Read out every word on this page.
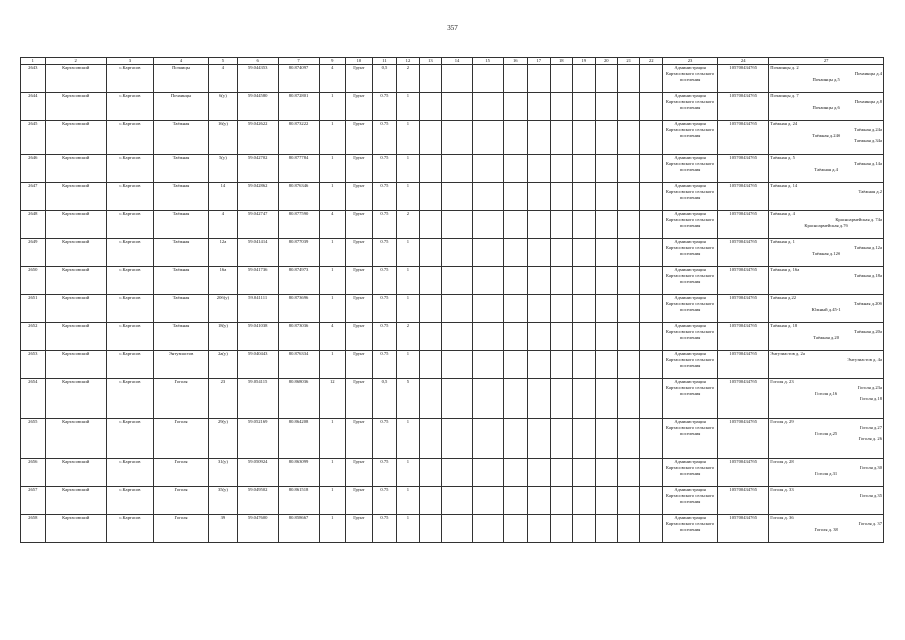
357
1	2	3	4	5	6	7	9	10	11	12	13	14	15	16	17	18	19	20	21	22	23	24	27
2643	Картасовский	с.Картасов	Почаицы	4	59.044353	80.874097	4	Грунт	0,5	2											Администрация Картасовского сельского поселения	1057004347б5	Почаинцы д. 2
Почаинцы д.4
Почаинцы д.5

2644	Картасовский	с.Картасов	Почаинцы	6(у)	59.044580	80.872801	1	Грунт	0.75	1											Администрация Картасовского сельского поселения	1057004347б5	Почаинцы д. 7
Почаинцы д.8
Почаинцы д.6

2645	Картасовский	с.Картасов	Таёжная	16(у)	59.042622	80.873222	1	Грунт	0.75	1											Администрация Картасовского сельского поселения	1057004347б5	Таёжная д. 24
Таёжная д.24а
Таёжная д.24б
Таежная д.34а

2646	Картасовский	с.Картасов	Таёжная	5(у)	59.042702	80.877784	1	Грунт	0.75	1											Администрация Картасовского сельского поселения	1057004347б5	Таёжная д. 5
Таёжная д.14а
Таёжная д.4

2647	Картасовский	с.Картасов	Таёжная	14	59.042862	80.876346	1	Грунт	0.75	1											Администрация Картасовского сельского поселения	1057004347б5	Таёжная д. 14
Таёжная д.2

2648	Картасовский	с.Картасов	Таёжная	4	59.042747	80.877590	4	Грунт	0.75	2											Администрация Картасовского сельского поселения	1057004347б5	Таёжная д. 4
Красноармейская д. 74а
Красноармейская д.7б

2649	Картасовский	с.Картасов	Таёжная	12а	59.041414	80.877039	1	Грунт	0.75	1											Администрация Картасовского сельского поселения	1057004347б5	Таёжная д. 1
Таёжная д.12а
Таёжная д.12б

2650	Картасовский	с.Картасов	Таёжная	16а	59.041736	80.874973	1	Грунт	0.75	1											Администрация Картасовского сельского поселения	1057004347б5	Таёжная д. 16а
Таёжная д.18а

2651	Картасовский	с.Картасов	Таёжная	20б(у)	59.041111	80.873696	1	Грунт	0.75	1											Администрация Картасовского сельского поселения	1057004347б5	Таёжная д.22
Таёжная д.20б
Южный д.45-1

2652	Картасовский	с.Картасов	Таёжная	18(у)	59.041038	80.873036	4	Грунт	0.75	2											Администрация Картасовского сельского поселения	1057004347б5	Таёжная д. 18
Таёжная д.20а
Таёжная д.20

2653	Картасовский	с.Картасов	Энтузиастов	2а(у)	59.040443	80.876334	1	Грунт	0.75	1											Администрация Картасовского сельского поселения	1057004347б5	Энтузиастов д. 2а
Энтузиастов д. 4а

2654	Картасовский	с.Картасов	Гоголя	23	59.054115	80.868036	12	Грунт	0,5	5											Администрация Картасовского сельского поселения	1057004347б5	Гоголя д. 23
Гоголя д.23а
Гоголя д.16
Гоголя д.18

2655	Картасовский	с.Картасов	Гоголя	29(у)	59.052169	80.864208	1	Грунт	0.75	1											Администрация Картасовского сельского поселения	1057004347б5	Гоголя д. 29
Гоголя д.27
Гоголя д.25
Гоголя д. 26

2656	Картасовский	с.Картасов	Гоголя	31(у)	59.050924	80.863099	1	Грунт	0.75	1											Администрация Картасовского сельского поселения	1057004347б5	Гоголя д. 28
Гоголя д.30
Гоголя д.31

2657	Картасовский	с.Картасов	Гоголя	35(у)	59.049502	80.861518	1	Грунт	0.75	1											Администрация Картасовского сельского поселения	1057004347б5	Гоголя д. 33
Гоголя д.35

2658	Картасовский	с.Картасов	Гоголя	39	59.047600	80.858667	1	Грунт	0.75	1											Администрация Картасовского сельского поселения	1057004347б5	Гоголя д. 36
Гоголя д. 37
Гоголя д. 38
